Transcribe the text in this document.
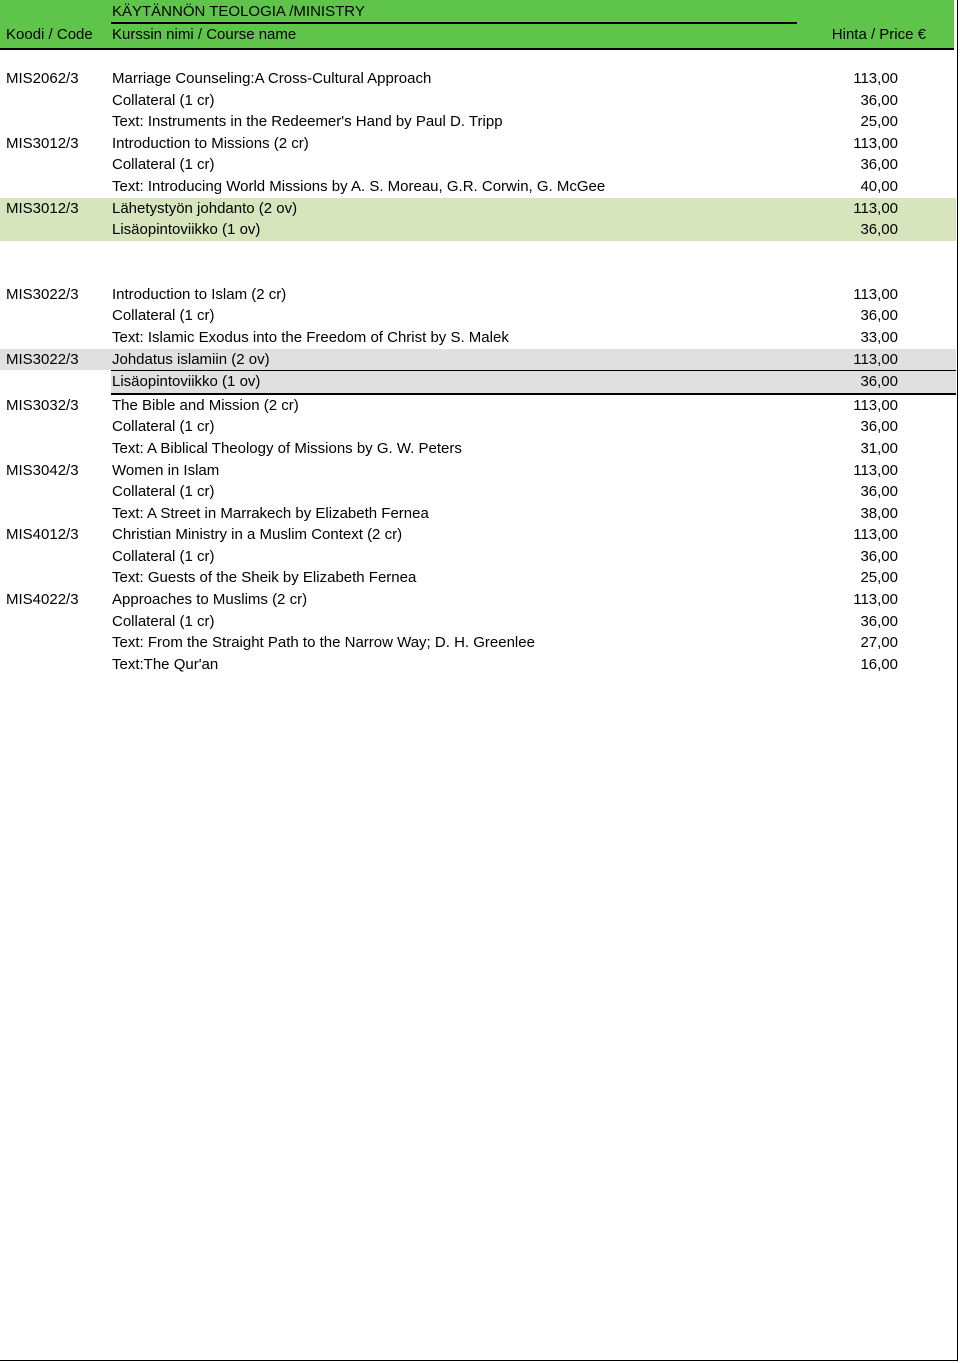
KÄYTÄNNÖN TEOLOGIA /MINISTRY
Koodi / Code Kurssin nimi / Course name	Hinta / Price €
MIS2062/3 Marriage Counseling:A Cross-Cultural Approach	113,00
Collateral (1 cr)	36,00
Text: Instruments in the Redeemer's Hand by Paul D. Tripp	25,00
MIS3012/3 Introduction to Missions (2 cr)	113,00
Collateral (1 cr)	36,00
Text: Introducing World Missions by A. S. Moreau, G.R. Corwin, G. McGee	40,00
MIS3012/3 Lähetystyön johdanto (2 ov)	113,00
Lisäopintoviikko (1 ov)	36,00
MIS3022/3 Introduction to Islam (2 cr)	113,00
Collateral (1 cr)	36,00
Text: Islamic Exodus into the Freedom of Christ by S. Malek	33,00
MIS3022/3 Johdatus islamiin (2 ov)	113,00
Lisäopintoviikko (1 ov)	36,00
MIS3032/3 The Bible and Mission (2 cr)	113,00
Collateral (1 cr)	36,00
Text: A Biblical Theology of Missions by G. W. Peters	31,00
MIS3042/3 Women in Islam	113,00
Collateral (1 cr)	36,00
Text: A Street in Marrakech by Elizabeth Fernea	38,00
MIS4012/3 Christian Ministry in a Muslim Context (2 cr)	113,00
Collateral (1 cr)	36,00
Text: Guests of the Sheik by Elizabeth Fernea	25,00
MIS4022/3 Approaches to Muslims (2 cr)	113,00
Collateral (1 cr)	36,00
Text: From the Straight Path to the Narrow Way; D. H. Greenlee	27,00
Text:The Qur'an	16,00
